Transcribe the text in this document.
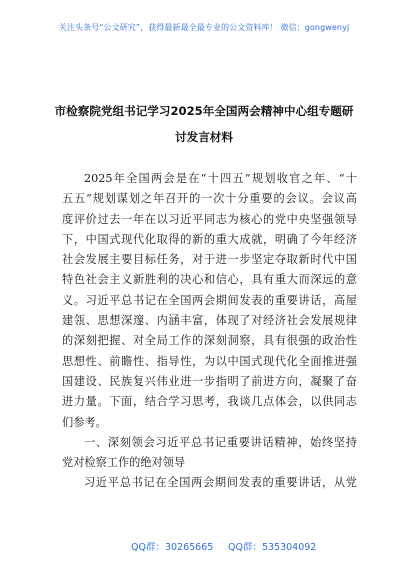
关注头条号“公文研究”，获得最新最全最专业的公文资料库！ 微信：gongwenyj
市检察院党组书记学习2025年全国两会精神中心组专题研
讨发言材料
2025年全国两会是在“十四五”规划收官之年、“十
五五”规划谋划之年召开的一次十分重要的会议。会议高
度评价过去一年在以习近平同志为核心的党中央坚强领导
下，中国式现代化取得的新的重大成就，明确了今年经济
社会发展主要目标任务，对于进一步坚定夺取新时代中国
特色社会主义新胜利的决心和信心，具有重大而深远的意
义。习近平总书记在全国两会期间发表的重要讲话，高屋
建瓴、思想深邃、内涵丰富，体现了对经济社会发展规律
的深刻把握、对全局工作的深刻洞察，具有很强的政治性
思想性、前瞻性、指导性，为以中国式现代化全面推进强
国建设、民族复兴伟业进一步指明了前进方向，凝聚了奋
进力量。下面，结合学习思考，我谈几点体会，以供同志
们参考。
一、深刻领会习近平总书记重要讲话精神，始终坚持
党对检察工作的绝对领导
习近平总书记在全国两会期间发表的重要讲话，从党
QQ群：30265665 QQ群：535304092
